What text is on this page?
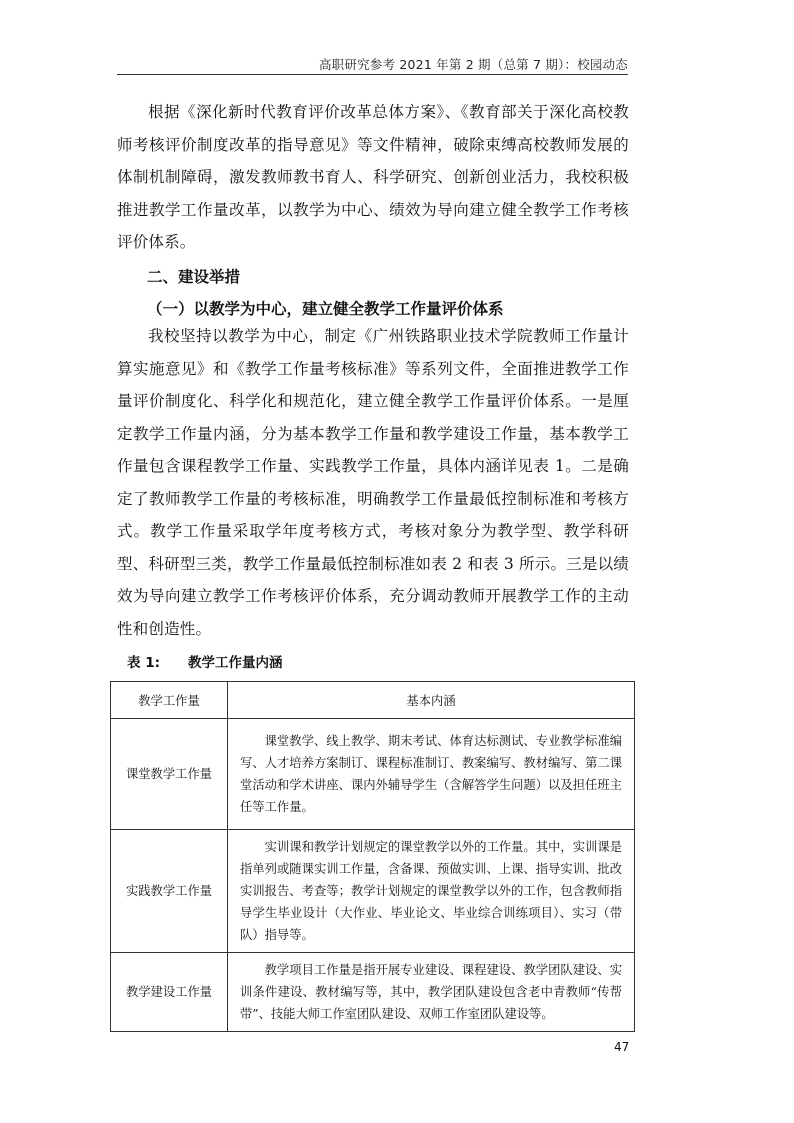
高职研究参考 2021 年第 2 期（总第 7 期）：校园动态

根据《深化新时代教育评价改革总体方案》、《教育部关于深化高校教师考核评价制度改革的指导意见》等文件精神，破除束缚高校教师发展的体制机制障碍，激发教师教书育人、科学研究、创新创业活力，我校积极推进教学工作量改革，以教学为中心、绩效为导向建立健全教学工作考核评价体系。

二、建设举措
（一）以教学为中心，建立健全教学工作量评价体系

我校坚持以教学为中心，制定《广州铁路职业技术学院教师工作量计算实施意见》和《教学工作量考核标准》等系列文件，全面推进教学工作量评价制度化、科学化和规范化，建立健全教学工作量评价体系。一是厘定教学工作量内涵，分为基本教学工作量和教学建设工作量，基本教学工作量包含课程教学工作量、实践教学工作量，具体内涵详见表 1。二是确定了教师教学工作量的考核标准，明确教学工作量最低控制标准和考核方式。教学工作量采取学年度考核方式，考核对象分为教学型、教学科研型、科研型三类，教学工作量最低控制标准如表 2 和表 3 所示。三是以绩效为导向建立教学工作考核评价体系，充分调动教师开展教学工作的主动性和创造性。

表 1: 教学工作量内涵
教学工作量	基本内涵
课堂教学工作量	课堂教学、线上教学、期末考试、体育达标测试、专业教学标准编写、人才培养方案制订、课程标准制订、教案编写、教材编写、第二课堂活动和学术讲座、课内外辅导学生（含解答学生问题）以及担任班主任等工作量。
实践教学工作量	实训课和教学计划规定的课堂教学以外的工作量。其中，实训课是指单列或随课实训工作量，含备课、预做实训、上课、指导实训、批改实训报告、考查等；教学计划规定的课堂教学以外的工作，包含教师指导学生毕业设计（大作业、毕业论文、毕业综合训练项目）、实习（带队）指导等。
教学建设工作量	教学项目工作量是指开展专业建设、课程建设、教学团队建设、实训条件建设、教材编写等，其中，教学团队建设包含老中青教师“传帮带”、技能大师工作室团队建设、双师工作室团队建设等。
47
